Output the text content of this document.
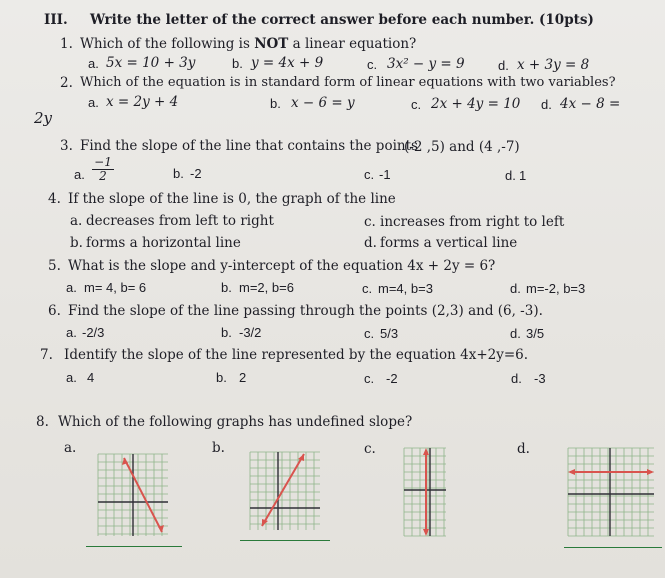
III. Write the letter of the correct answer before each number. (10pts)
1. Which of the following is NOT a linear equation?
a. 5x = 10 + 3y	b. y = 4x + 9	c. 3x² − y = 9	d. x + 3y = 8
2. Which of the equation is in standard form of linear equations with two variables?
a. x = 2y + 4	b. x − 6 = y	c. 2x + 4y = 10 d. 4x − 8 =
2y
3. Find the slope of the line that contains the points
(-2 ,5) and (4 ,-7)
a. $\frac{-1}{2}$	b. -2	c. -1	d. 1
4. If the slope of the line is 0, the graph of the line
a. decreases from left to right	c. increases from right to left
b. forms a horizontal line	d. forms a vertical line
5. What is the slope and y-intercept of the equation 4x + 2y = 6?
a. m= 4, b= 6	b. m=2, b=6	c. m=4, b=3	d. m=-2, b=3
6. Find the slope of the line passing through the points (2,3) and (6, -3).
a. -2/3	b. -3/2	c. 5/3	d. 3/5
7. Identify the slope of the line represented by the equation 4x+2y=6.
a. 4	b. 2	c. -2	d. -3
8. Which of the following graphs has undefined slope?
a.	b.	c.	d.
